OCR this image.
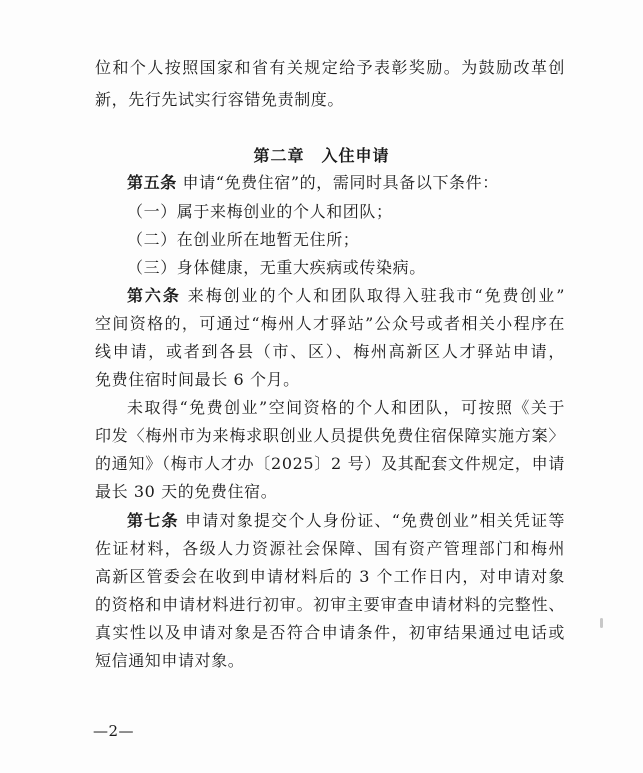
位和个人按照国家和省有关规定给予表彰奖励。为鼓励改革创
新，先行先试实行容错免责制度。
第二章　入住申请
第五条 申请“免费住宿”的，需同时具备以下条件：
（一）属于来梅创业的个人和团队；
（二）在创业所在地暂无住所；
（三）身体健康，无重大疾病或传染病。
第六条 来梅创业的个人和团队取得入驻我市“免费创业”
空间资格的，可通过“梅州人才驿站”公众号或者相关小程序在
线申请，或者到各县（市、区）、梅州高新区人才驿站申请，
免费住宿时间最长 6 个月。
未取得“免费创业”空间资格的个人和团队，可按照《关于
印发〈梅州市为来梅求职创业人员提供免费住宿保障实施方案〉
的通知》（梅市人才办〔2025〕2 号）及其配套文件规定，申请
最长 30 天的免费住宿。
第七条 申请对象提交个人身份证、“免费创业”相关凭证等
佐证材料，各级人力资源社会保障、国有资产管理部门和梅州
高新区管委会在收到申请材料后的 3 个工作日内，对申请对象
的资格和申请材料进行初审。初审主要审查申请材料的完整性、
真实性以及申请对象是否符合申请条件，初审结果通过电话或
短信通知申请对象。
—2—
